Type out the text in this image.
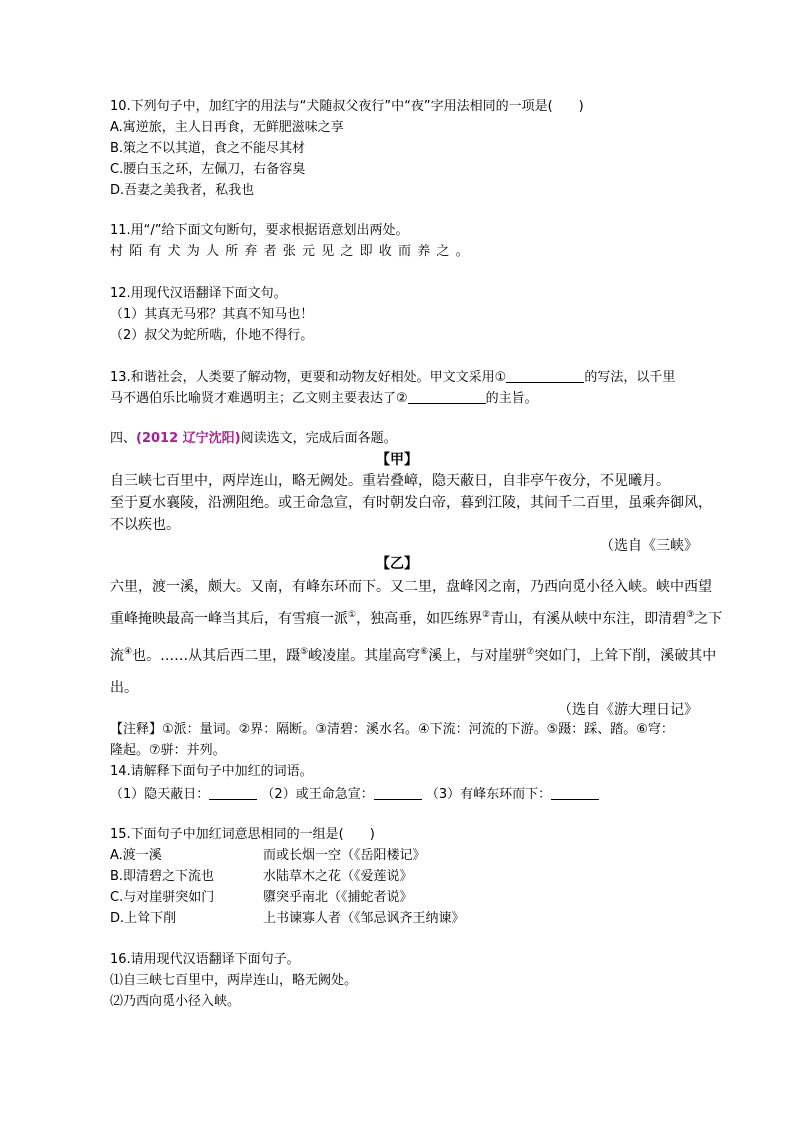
10.下列句子中，加红字的用法与“犬随叔父夜行”中“夜”字用法相同的一项是(　　)
A.寓逆旅，主人日再食，无鲜肥滋味之享
B.策之不以其道，食之不能尽其材
C.腰白玉之环，左佩刀，右备容臭
D.吾妻之美我者，私我也
11.用“/”给下面文句断句，要求根据语意划出两处。
村陌有犬为人所弃者张元见之即收而养之。
12.用现代汉语翻译下面文句。
（1）其真无马邪？其真不知马也！
（2）叔父为蛇所啮，仆地不得行。
13.和谐社会，人类要了解动物，更要和动物友好相处。甲文文采用①	的写法，以千里
马不遇伯乐比喻贤才难遇明主；乙文则主要表达了②	的主旨。
四、(2012 辽宁沈阳)阅读选文，完成后面各题。
【甲】
自三峡七百里中，两岸连山，略无阙处。重岩叠嶂，隐天蔽日，自非亭午夜分，不见曦月。
至于夏水襄陵，沿溯阻绝。或王命急宣，有时朝发白帝，暮到江陵，其间千二百里，虽乘奔御风，
不以疾也。
（选自《三峡》
【乙】
六里，渡一溪，颇大。又南，有峰东环而下。又二里，盘峰冈之南，乃西向觅小径入峡。峡中西望
重峰掩映最高一峰当其后，有雪痕一派①，独高垂，如匹练界②青山，有溪从峡中东注，即清碧③之下
流④也。……从其后西二里，蹑⑤峻凌崖。其崖高穹⑥溪上，与对崖骈⑦突如门，上耸下削，溪破其中
出。
（选自《游大理日记》
【注释】①派：量词。②界：隔断。③清碧：溪水名。④下流：河流的下游。⑤蹑：踩、踏。⑥穹：
隆起。⑦骈：并列。
14.请解释下面句子中加红的词语。
（1）隐天蔽日：	（2）或王命急宣：	（3）有峰东环而下：
15.下面句子中加红词意思相同的一组是(　　)
A.渡一溪	而或长烟一空（《岳阳楼记》
B.即清碧之下流也	水陆草木之花（《爱莲说》
C.与对崖骈突如门	隳突乎南北（《捕蛇者说》
D.上耸下削	上书谏寡人者（《邹忌讽齐王纳谏》
16.请用现代汉语翻译下面句子。
⑴自三峡七百里中，两岸连山，略无阙处。
⑵乃西向觅小径入峡。
